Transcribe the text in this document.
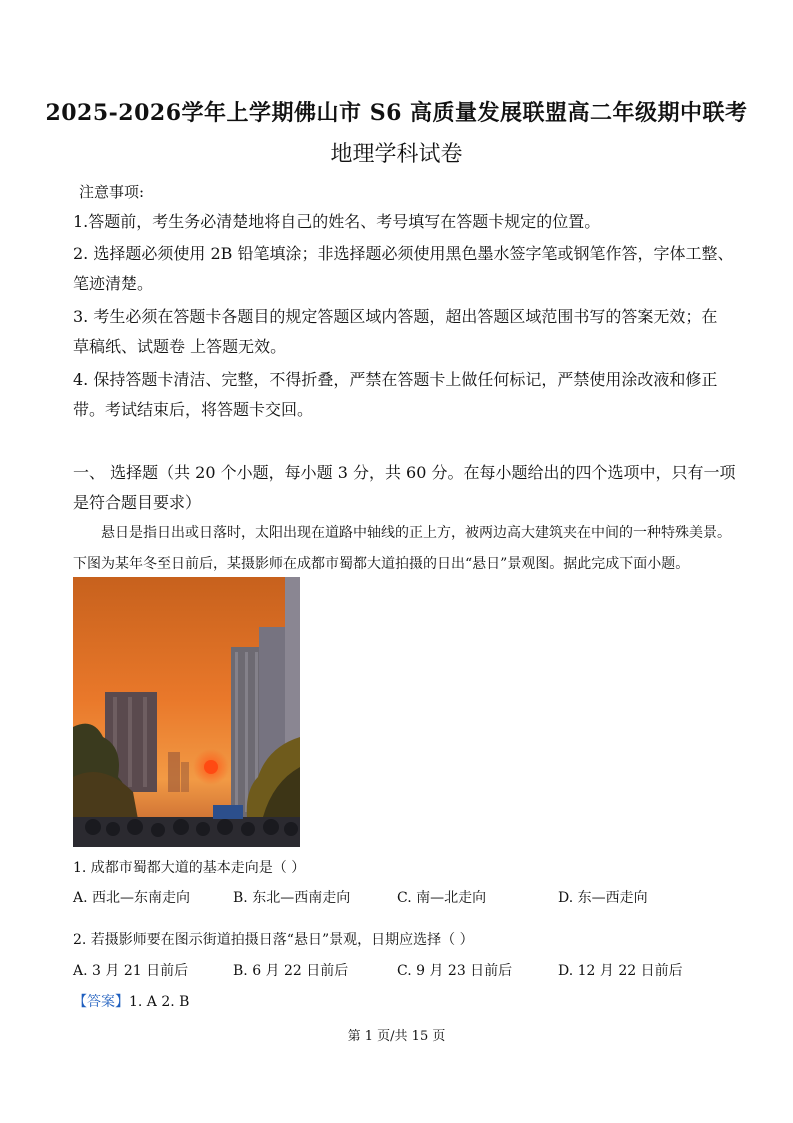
2025-2026学年上学期佛山市 S6 高质量发展联盟高二年级期中联考
地理学科试卷
注意事项:
1.答题前，考生务必清楚地将自己的姓名、考号填写在答题卡规定的位置。
2. 选择题必须使用 2B 铅笔填涂；非选择题必须使用黑色墨水签字笔或钢笔作答，字体工整、
笔迹清楚。
3. 考生必须在答题卡各题目的规定答题区域内答题，超出答题区域范围书写的答案无效；在
草稿纸、试题卷 上答题无效。
4. 保持答题卡清洁、完整，不得折叠，严禁在答题卡上做任何标记，严禁使用涂改液和修正
带。考试结束后，将答题卡交回。
一、 选择题（共 20 个小题，每小题 3 分，共 60 分。在每小题给出的四个选项中，只有一项
是符合题目要求）
悬日是指日出或日落时，太阳出现在道路中轴线的正上方，被两边高大建筑夹在中间的一种特殊美景。
下图为某年冬至日前后，某摄影师在成都市蜀都大道拍摄的日出“悬日”景观图。据此完成下面小题。
1. 成都市蜀都大道的基本走向是（ ）
A. 西北—东南走向	B. 东北—西南走向	C. 南—北走向	D. 东—西走向
2. 若摄影师要在图示街道拍摄日落“悬日”景观，日期应选择（ ）
A. 3 月 21 日前后	B. 6 月 22 日前后	C. 9 月 23 日前后	D. 12 月 22 日前后
【答案】1. A 2. B
第 1 页/共 15 页
